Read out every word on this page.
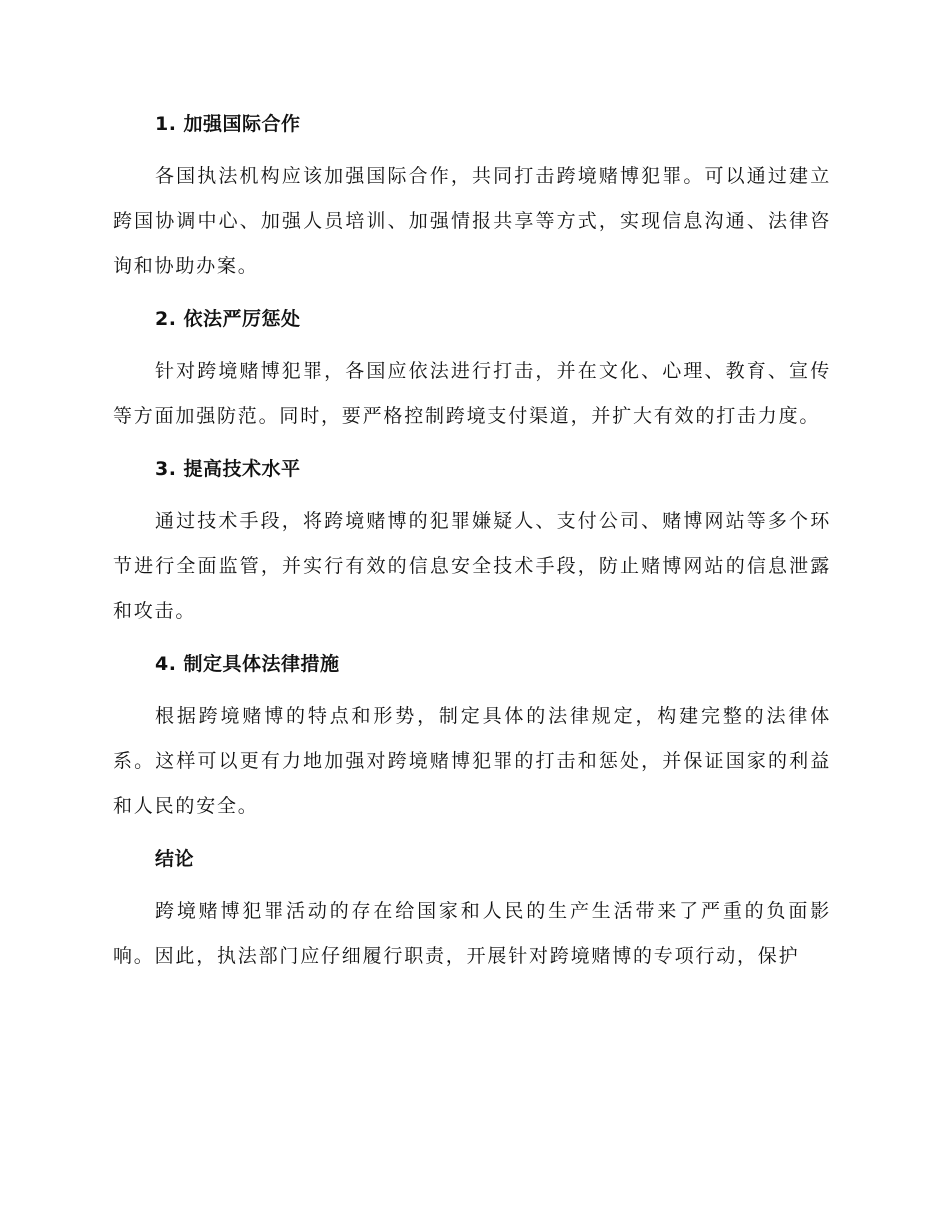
1. 加强国际合作

各国执法机构应该加强国际合作，共同打击跨境赌博犯罪。可以通过建立跨国协调中心、加强人员培训、加强情报共享等方式，实现信息沟通、法律咨询和协助办案。

2. 依法严厉惩处

针对跨境赌博犯罪，各国应依法进行打击，并在文化、心理、教育、宣传等方面加强防范。同时，要严格控制跨境支付渠道，并扩大有效的打击力度。

3. 提高技术水平

通过技术手段，将跨境赌博的犯罪嫌疑人、支付公司、赌博网站等多个环节进行全面监管，并实行有效的信息安全技术手段，防止赌博网站的信息泄露和攻击。

4. 制定具体法律措施

根据跨境赌博的特点和形势，制定具体的法律规定，构建完整的法律体系。这样可以更有力地加强对跨境赌博犯罪的打击和惩处，并保证国家的利益和人民的安全。

结论

跨境赌博犯罪活动的存在给国家和人民的生产生活带来了严重的负面影响。因此，执法部门应仔细履行职责，开展针对跨境赌博的专项行动，保护
